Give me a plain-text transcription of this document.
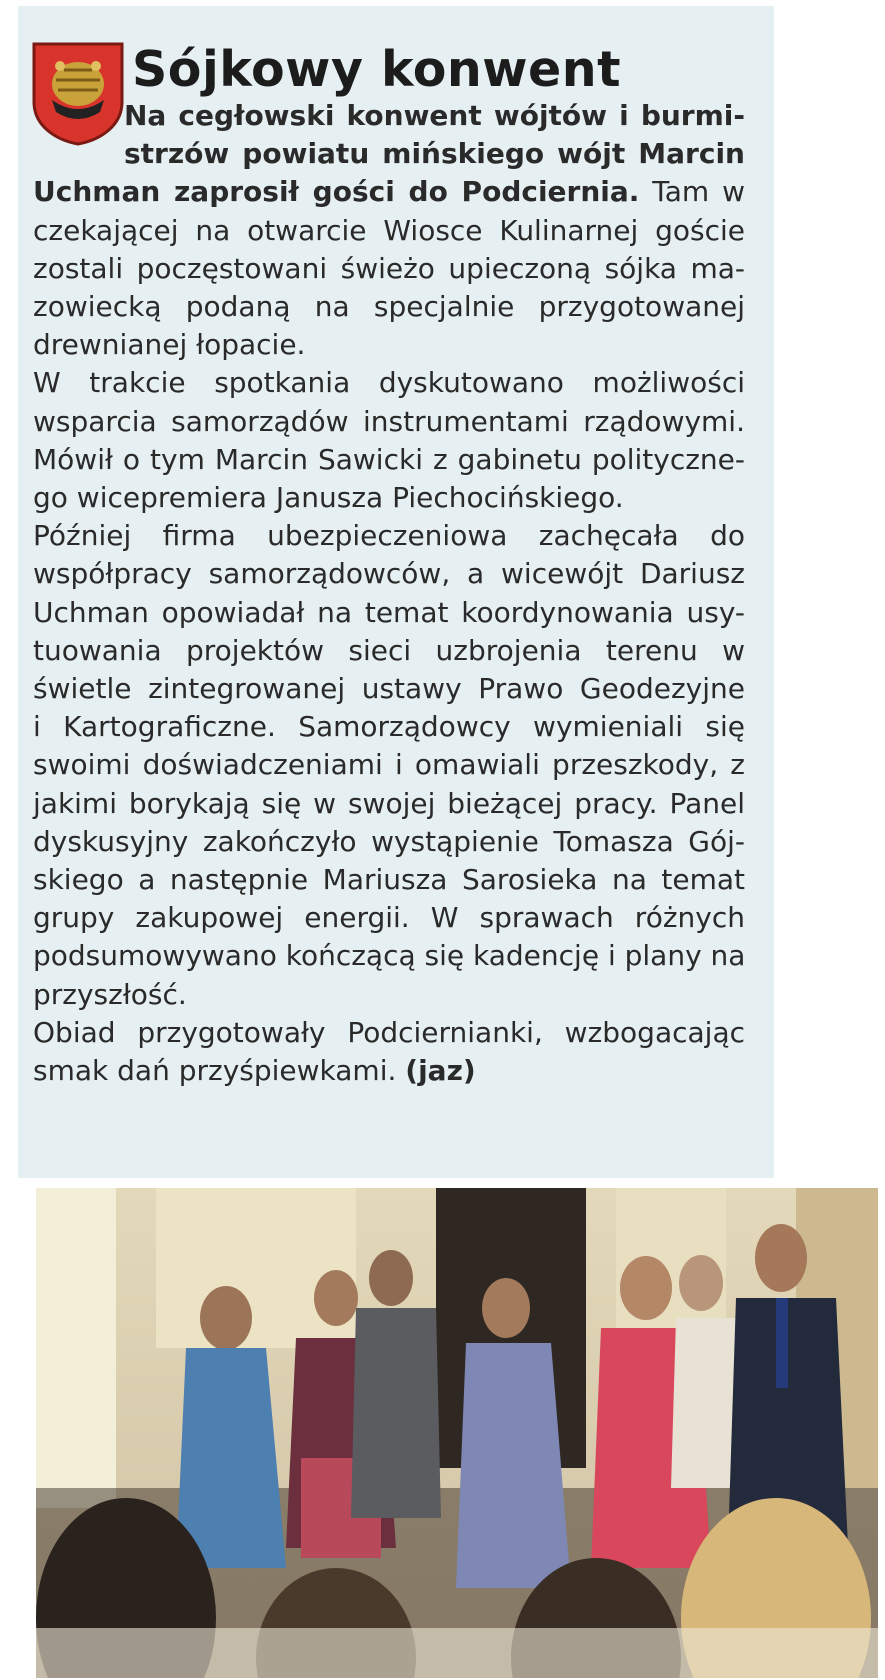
Sójkowy konwent
Na cegłowski konwent wójtów i burmi-
strzów powiatu mińskiego wójt Marcin
Uchman zaprosił gości do Podciernia. Tam w
czekającej na otwarcie Wiosce Kulinarnej goście
zostali poczęstowani świeżo upieczoną sójka ma-
zowiecką podaną na specjalnie przygotowanej
drewnianej łopacie.
W trakcie spotkania dyskutowano możliwości
wsparcia samorządów instrumentami rządowymi.
Mówił o tym Marcin Sawicki z gabinetu polityczne-
go wicepremiera Janusza Piechocińskiego.
Później firma ubezpieczeniowa zachęcała do
współpracy samorządowców, a wicewójt Dariusz
Uchman opowiadał na temat koordynowania usy-
tuowania projektów sieci uzbrojenia terenu w
świetle zintegrowanej ustawy Prawo Geodezyjne
i Kartograficzne. Samorządowcy wymieniali się
swoimi doświadczeniami i omawiali przeszkody, z
jakimi borykają się w swojej bieżącej pracy. Panel
dyskusyjny zakończyło wystąpienie Tomasza Gój-
skiego a następnie Mariusza Sarosieka na temat
grupy zakupowej energii. W sprawach różnych
podsumowywano kończącą się kadencję i plany na
przyszłość.
Obiad przygotowały Podciernianki, wzbogacając
smak dań przyśpiewkami. (jaz)
